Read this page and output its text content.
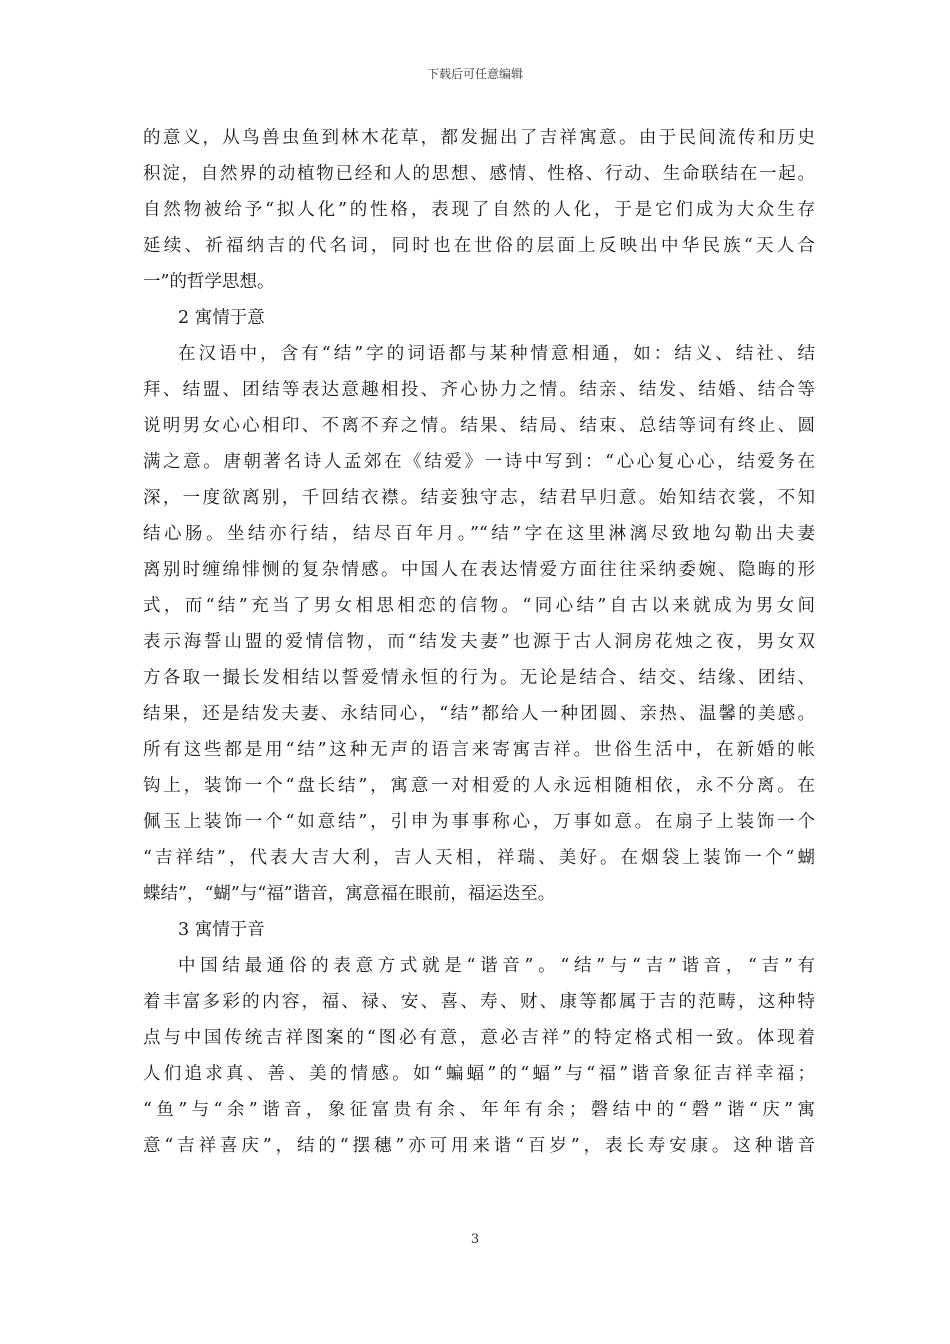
下载后可任意编辑
的意义，从鸟兽虫鱼到林木花草，都发掘出了吉祥寓意。由于民间流传和历史
积淀，自然界的动植物已经和人的思想、感情、性格、行动、生命联结在一起。
自然物被给予“拟人化”的性格，表现了自然的人化，于是它们成为大众生存
延续、祈福纳吉的代名词，同时也在世俗的层面上反映出中华民族“天人合
一”的哲学思想。
2 寓情于意
在汉语中，含有“结”字的词语都与某种情意相通，如：结义、结社、结
拜、结盟、团结等表达意趣相投、齐心协力之情。结亲、结发、结婚、结合等
说明男女心心相印、不离不弃之情。结果、结局、结束、总结等词有终止、圆
满之意。唐朝著名诗人孟郊在《结爱》一诗中写到：“心心复心心，结爱务在
深，一度欲离别，千回结衣襟。结妾独守志，结君早归意。始知结衣裳，不知
结心肠。坐结亦行结，结尽百年月。”“结”字在这里淋漓尽致地勾勒出夫妻
离别时缠绵悱恻的复杂情感。中国人在表达情爱方面往往采纳委婉、隐晦的形
式，而“结”充当了男女相思相恋的信物。“同心结”自古以来就成为男女间
表示海誓山盟的爱情信物，而“结发夫妻”也源于古人洞房花烛之夜，男女双
方各取一撮长发相结以誓爱情永恒的行为。无论是结合、结交、结缘、团结、
结果，还是结发夫妻、永结同心，“结”都给人一种团圆、亲热、温馨的美感。
所有这些都是用“结”这种无声的语言来寄寓吉祥。世俗生活中，在新婚的帐
钩上，装饰一个“盘长结”，寓意一对相爱的人永远相随相依，永不分离。在
佩玉上装饰一个“如意结”，引申为事事称心，万事如意。在扇子上装饰一个
“吉祥结”，代表大吉大利，吉人天相，祥瑞、美好。在烟袋上装饰一个“蝴
蝶结”，“蝴”与“福”谐音，寓意福在眼前，福运迭至。
3 寓情于音
中国结最通俗的表意方式就是“谐音”。“结”与“吉”谐音，“吉”有
着丰富多彩的内容，福、禄、安、喜、寿、财、康等都属于吉的范畴，这种特
点与中国传统吉祥图案的“图必有意，意必吉祥”的特定格式相一致。体现着
人们追求真、善、美的情感。如“蝙蝠”的“蝠”与“福”谐音象征吉祥幸福；
“鱼”与“余”谐音，象征富贵有余、年年有余；磬结中的“磬”谐“庆”寓
意“吉祥喜庆”，结的“摆穗”亦可用来谐“百岁”，表长寿安康。这种谐音
3
